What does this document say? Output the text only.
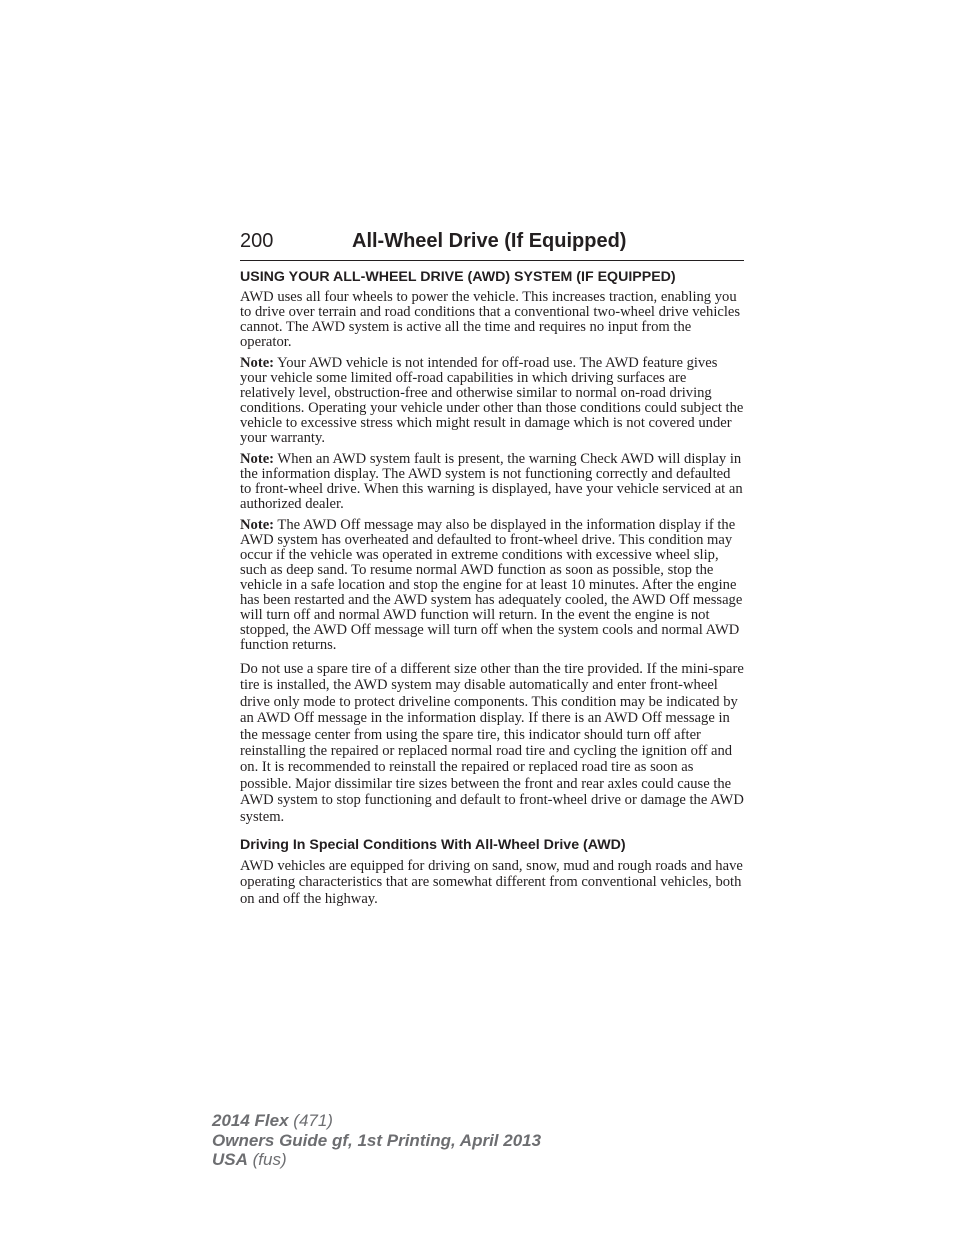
200	All-Wheel Drive (If Equipped)
USING YOUR ALL-WHEEL DRIVE (AWD) SYSTEM (IF EQUIPPED)

AWD uses all four wheels to power the vehicle. This increases traction, enabling you to drive over terrain and road conditions that a conventional two-wheel drive vehicles cannot. The AWD system is active all the time and requires no input from the operator.

Note: Your AWD vehicle is not intended for off-road use. The AWD feature gives your vehicle some limited off-road capabilities in which driving surfaces are relatively level, obstruction-free and otherwise similar to normal on-road driving conditions. Operating your vehicle under other than those conditions could subject the vehicle to excessive stress which might result in damage which is not covered under your warranty.

Note: When an AWD system fault is present, the warning Check AWD will display in the information display. The AWD system is not functioning correctly and defaulted to front-wheel drive. When this warning is displayed, have your vehicle serviced at an authorized dealer.

Note: The AWD Off message may also be displayed in the information display if the AWD system has overheated and defaulted to front-wheel drive. This condition may occur if the vehicle was operated in extreme conditions with excessive wheel slip, such as deep sand. To resume normal AWD function as soon as possible, stop the vehicle in a safe location and stop the engine for at least 10 minutes. After the engine has been restarted and the AWD system has adequately cooled, the AWD Off message will turn off and normal AWD function will return. In the event the engine is not stopped, the AWD Off message will turn off when the system cools and normal AWD function returns.

Do not use a spare tire of a different size other than the tire provided. If the mini-spare tire is installed, the AWD system may disable automatically and enter front-wheel drive only mode to protect driveline components. This condition may be indicated by an AWD Off message in the information display. If there is an AWD Off message in the message center from using the spare tire, this indicator should turn off after reinstalling the repaired or replaced normal road tire and cycling the ignition off and on. It is recommended to reinstall the repaired or replaced road tire as soon as possible. Major dissimilar tire sizes between the front and rear axles could cause the AWD system to stop functioning and default to front-wheel drive or damage the AWD system.

Driving In Special Conditions With All-Wheel Drive (AWD)

AWD vehicles are equipped for driving on sand, snow, mud and rough roads and have operating characteristics that are somewhat different from conventional vehicles, both on and off the highway.

2014 Flex (471)
Owners Guide gf, 1st Printing, April 2013
USA (fus)
